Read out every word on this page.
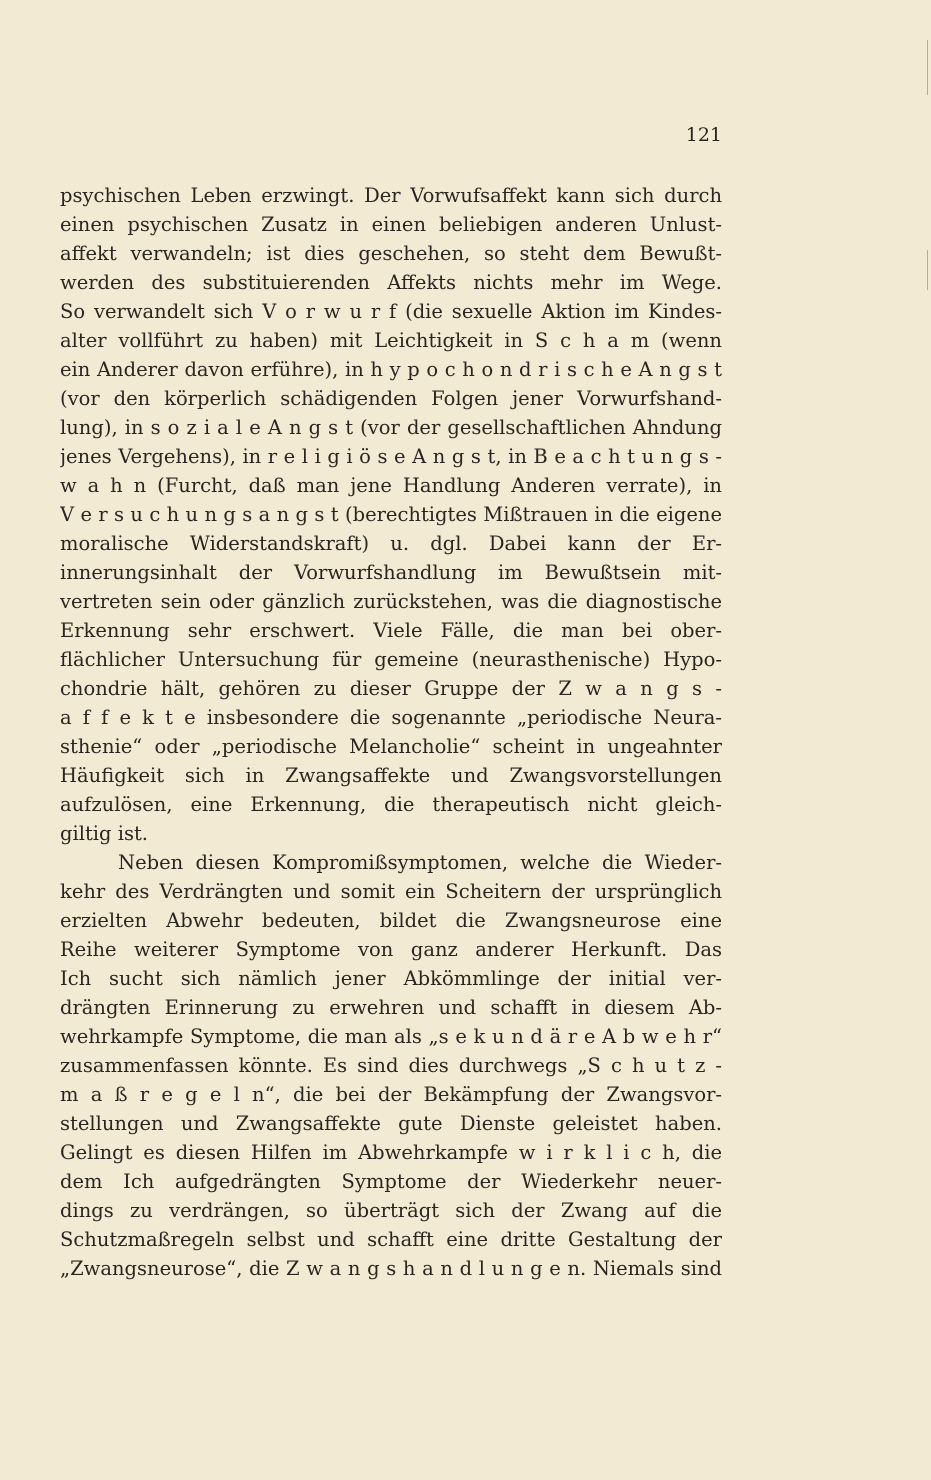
121
psychischen Leben erzwingt. Der Vorwufsaffekt kann sich durch
einen psychischen Zusatz in einen beliebigen anderen Unlust-
affekt verwandeln; ist dies geschehen, so steht dem Bewußt-
werden des substituierenden Affekts nichts mehr im Wege.
So verwandelt sich V o r w u r f (die sexuelle Aktion im Kindes-
alter vollführt zu haben) mit Leichtigkeit in S c h a m (wenn
ein Anderer davon erführe), in h y p o c h o n d r i s c h e A n g s t
(vor den körperlich schädigenden Folgen jener Vorwurfshand-
lung), in s o z i a l e A n g s t (vor der gesellschaftlichen Ahndung
jenes Vergehens), in r e l i g i ö s e A n g s t, in B e a c h t u n g s -
w a h n (Furcht, daß man jene Handlung Anderen verrate), in
V e r s u c h u n g s a n g s t (berechtigtes Mißtrauen in die eigene
moralische Widerstandskraft) u. dgl. Dabei kann der Er-
innerungsinhalt der Vorwurfshandlung im Bewußtsein mit-
vertreten sein oder gänzlich zurückstehen, was die diagnostische
Erkennung sehr erschwert. Viele Fälle, die man bei ober-
flächlicher Untersuchung für gemeine (neurasthenische) Hypo-
chondrie hält, gehören zu dieser Gruppe der Z w a n g s -
a f f e k t e insbesondere die sogenannte „periodische Neura-
sthenie“ oder „periodische Melancholie“ scheint in ungeahnter
Häufigkeit sich in Zwangsaffekte und Zwangsvorstellungen
aufzulösen, eine Erkennung, die therapeutisch nicht gleich-
giltig ist.
Neben diesen Kompromißsymptomen, welche die Wieder-
kehr des Verdrängten und somit ein Scheitern der ursprünglich
erzielten Abwehr bedeuten, bildet die Zwangsneurose eine
Reihe weiterer Symptome von ganz anderer Herkunft. Das
Ich sucht sich nämlich jener Abkömmlinge der initial ver-
drängten Erinnerung zu erwehren und schafft in diesem Ab-
wehrkampfe Symptome, die man als „s e k u n d ä r e A b w e h r“
zusammenfassen könnte. Es sind dies durchwegs „S c h u t z -
m a ß r e g e l n“, die bei der Bekämpfung der Zwangsvor-
stellungen und Zwangsaffekte gute Dienste geleistet haben.
Gelingt es diesen Hilfen im Abwehrkampfe w i r k l i c h, die
dem Ich aufgedrängten Symptome der Wiederkehr neuer-
dings zu verdrängen, so überträgt sich der Zwang auf die
Schutzmaßregeln selbst und schafft eine dritte Gestaltung der
„Zwangsneurose“, die Z w a n g s h a n d l u n g e n. Niemals sind
